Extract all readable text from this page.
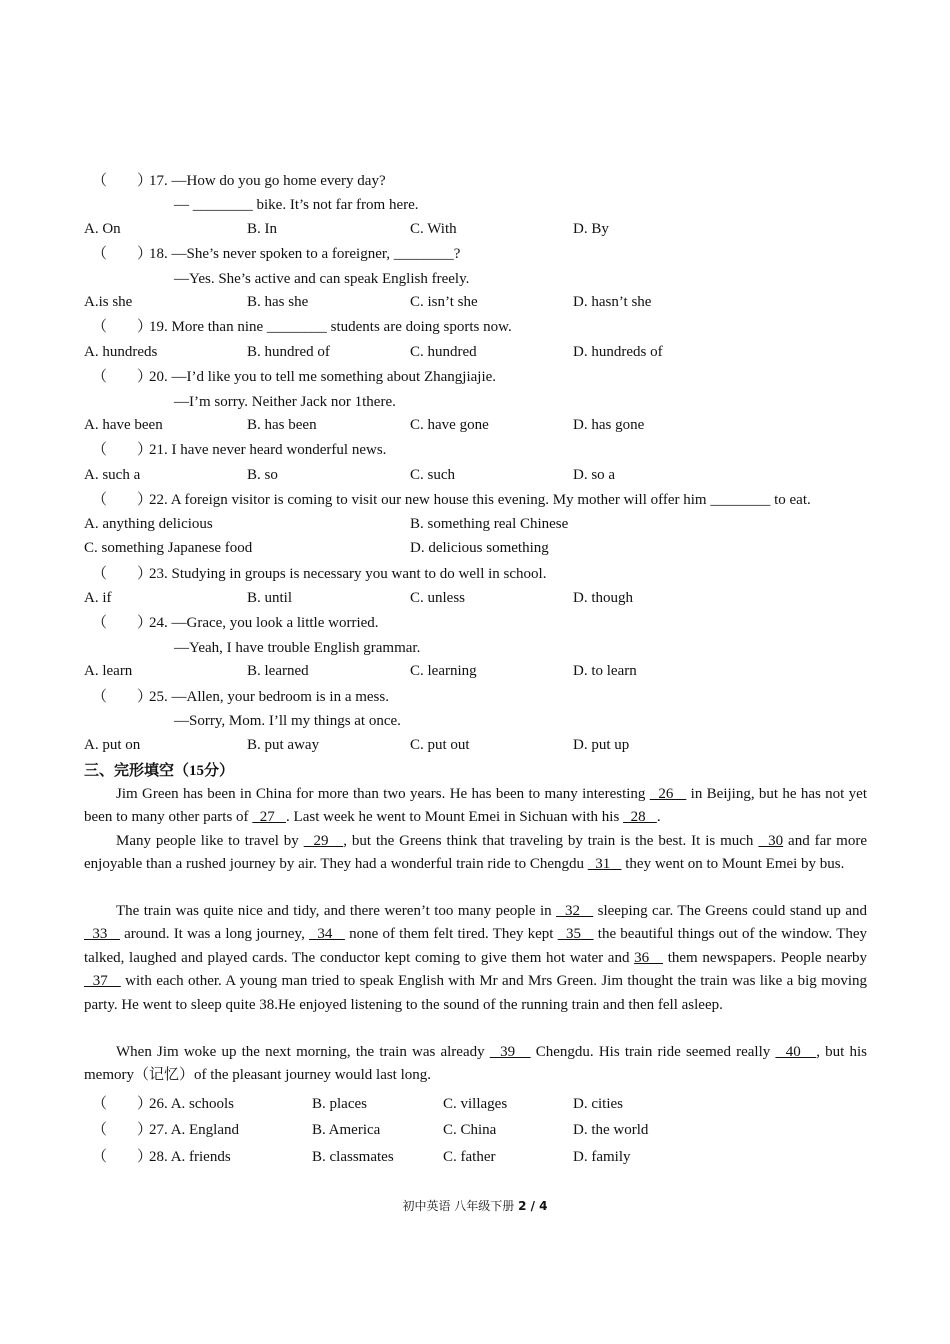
（　　）
17. —How do you go home every day?
— ________ bike. It’s not far from here.
A. On	B. In	C. With	D. By
（　　）
18. —She’s never spoken to a foreigner, ________?
—Yes. She’s active and can speak English freely.
A.is she	B. has she	C. isn’t she	D. hasn’t she
（　　）
19. More than nine ________ students are doing sports now.
A. hundreds	B. hundred of	C. hundred	D. hundreds of
（　　）
20. —I’d like you to tell me something about Zhangjiajie.
—I’m sorry. Neither Jack nor 1there.
A. have been	B. has been	C. have gone	D. has gone
（　　）
21. I have never heard wonderful news.
A. such a	B. so	C. such	D. so a
（　　）
22. A foreign visitor is coming to visit our new house this evening. My mother will offer him ________ to eat.
A. anything delicious	B. something real Chinese
C. something Japanese food	D. delicious something
（　　）
23. Studying in groups is necessary you want to do well in school.
A. if	B. until	C. unless	D. though
（　　）
24. —Grace, you look a little worried.
—Yeah, I have trouble English grammar.
A. learn	B. learned	C. learning	D. to learn
（　　）
25. —Allen, your bedroom is in a mess.
—Sorry, Mom. I’ll my things at once.
A. put on	B. put away	C. put out	D. put up
三、完形填空（15分）
Jim Green has been in China for more than two years. He has been to many interesting   26    in Beijing, but he has not yet been to many other parts of   27   . Last week he went to Mount Emei in Sichuan with his   28   .
Many people like to travel by   29   , but the Greens think that traveling by train is the best. It is much   30 and far more enjoyable than a rushed journey by air. They had a wonderful train ride to Chengdu   31    they went on to Mount Emei by bus.
The train was quite nice and tidy, and there weren’t too many people in   32    sleeping car. The Greens could stand up and   33    around. It was a long journey,   34    none of them felt tired. They kept   35    the beautiful things out of the window. They talked, laughed and played cards. The conductor kept coming to give them hot water and 36    them newspapers. People nearby   37    with each other. A young man tried to speak English with Mr and Mrs Green. Jim thought the train was like a big moving party. He went to sleep quite 38.He enjoyed listening to the sound of the running train and then fell asleep.
When Jim woke up the next morning, the train was already   39    Chengdu. His train ride seemed really   40   , but his memory（记忆）of the pleasant journey would last long.
（　　）
26. A. schools	B. places	C. villages	D. cities
（　　）
27. A. England	B. America	C. China	D. the world
（　　）
28. A. friends	B. classmates	C. father	D. family
初中英语 八年级下册 2 / 4
